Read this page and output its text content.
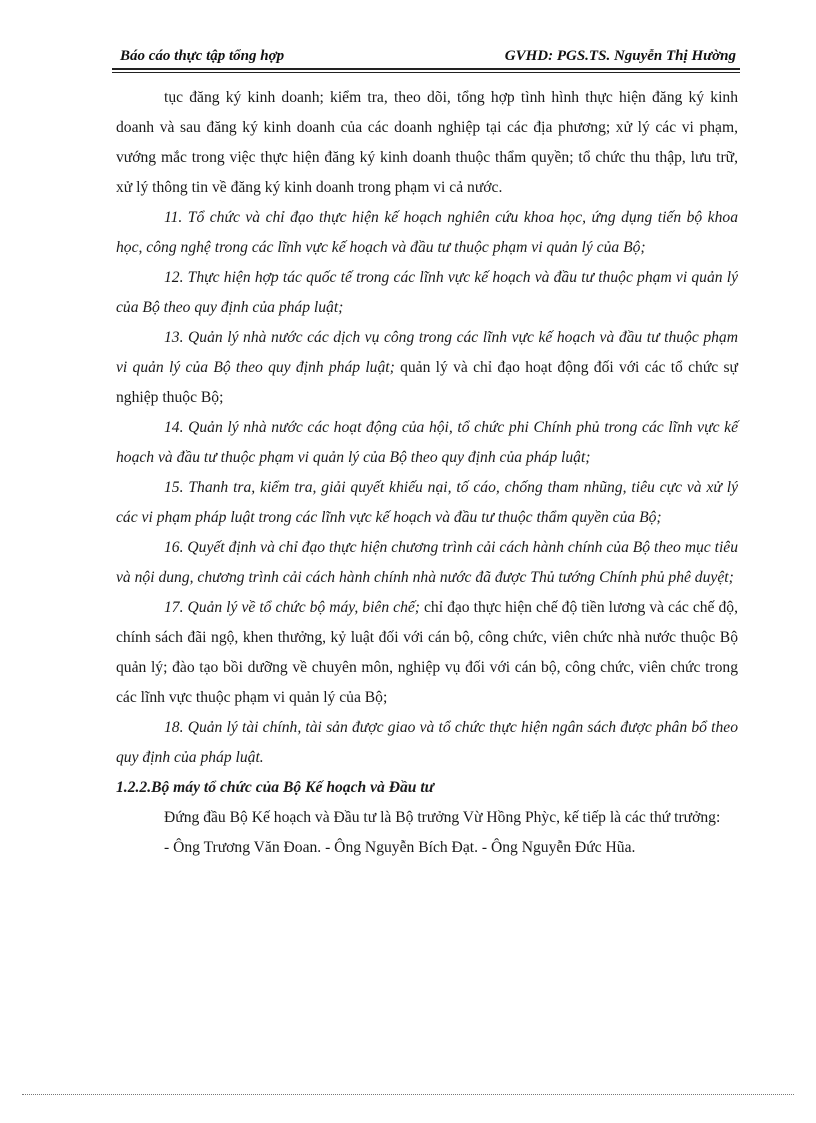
Báo cáo thực tập tổng hợp	GVHD: PGS.TS. Nguyễn Thị Hường

tục đăng ký kinh doanh; kiểm tra, theo dõi, tổng hợp tình hình thực hiện đăng ký kinh doanh và sau đăng ký kinh doanh của các doanh nghiệp tại các địa phương; xử lý các vi phạm, vướng mắc trong việc thực hiện đăng ký kinh doanh thuộc thẩm quyền; tổ chức thu thập, lưu trữ, xử lý thông tin về đăng ký kinh doanh trong phạm vi cả nước.

11. Tổ chức và chỉ đạo thực hiện kế hoạch nghiên cứu khoa học, ứng dụng tiến bộ khoa học, công nghệ trong các lĩnh vực kế hoạch và đầu tư thuộc phạm vi quản lý của Bộ;

12. Thực hiện hợp tác quốc tế trong các lĩnh vực kế hoạch và đầu tư thuộc phạm vi quản lý của Bộ theo quy định của pháp luật;

13. Quản lý nhà nước các dịch vụ công trong các lĩnh vực kế hoạch và đầu tư thuộc phạm vi quản lý của Bộ theo quy định pháp luật; quản lý và chỉ đạo hoạt động đối với các tổ chức sự nghiệp thuộc Bộ;

14. Quản lý nhà nước các hoạt động của hội, tổ chức phi Chính phủ trong các lĩnh vực kế hoạch và đầu tư thuộc phạm vi quản lý của Bộ theo quy định của pháp luật;

15. Thanh tra, kiểm tra, giải quyết khiếu nại, tố cáo, chống tham nhũng, tiêu cực và xử lý các vi phạm pháp luật trong các lĩnh vực kế hoạch và đầu tư thuộc thẩm quyền của Bộ;

16. Quyết định và chỉ đạo thực hiện chương trình cải cách hành chính của Bộ theo mục tiêu và nội dung, chương trình cải cách hành chính nhà nước đã được Thủ tướng Chính phủ phê duyệt;

17. Quản lý về tổ chức bộ máy, biên chế; chỉ đạo thực hiện chế độ tiền lương và các chế độ, chính sách đãi ngộ, khen thưởng, kỷ luật đối với cán bộ, công chức, viên chức nhà nước thuộc Bộ quản lý; đào tạo bồi dưỡng về chuyên môn, nghiệp vụ đối với cán bộ, công chức, viên chức trong các lĩnh vực thuộc phạm vi quản lý của Bộ;

18. Quản lý tài chính, tài sản được giao và tổ chức thực hiện ngân sách được phân bổ theo quy định của pháp luật.

1.2.2.Bộ máy tổ chức của Bộ Kế hoạch và Đầu tư

Đứng đầu Bộ Kế hoạch và Đầu tư là Bộ trưởng Vừ Hồng Phỳc, kế tiếp là các thứ trưởng:

- Ông Trương Văn Đoan. - Ông Nguyễn Bích Đạt. - Ông Nguyễn Đức Hũa.
